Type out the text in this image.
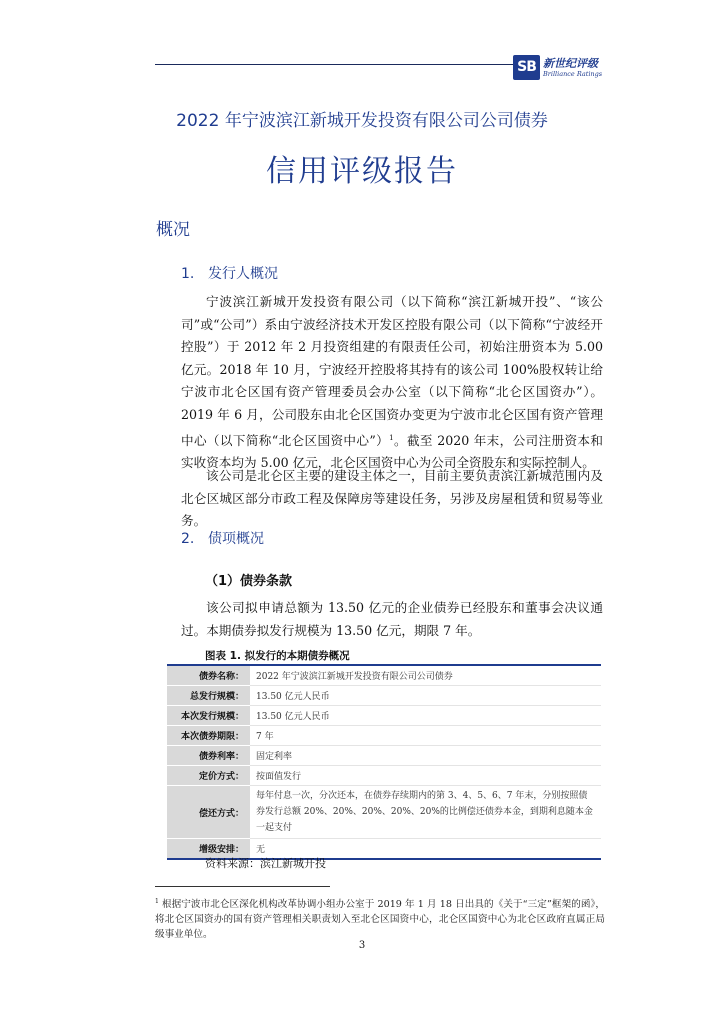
SB 新世纪评级
Brilliance Ratings
2022 年宁波滨江新城开发投资有限公司公司债券
信用评级报告
概况
1. 发行人概况

宁波滨江新城开发投资有限公司（以下简称“滨江新城开投”、“该公司”或“公司”）系由宁波经济技术开发区控股有限公司（以下简称“宁波经开控股”）于 2012 年 2 月投资组建的有限责任公司，初始注册资本为 5.00 亿元。2018 年 10 月，宁波经开控股将其持有的该公司 100%股权转让给宁波市北仑区国有资产管理委员会办公室（以下简称“北仑区国资办”）。2019 年 6 月，公司股东由北仑区国资办变更为宁波市北仑区国有资产管理中心（以下简称“北仑区国资中心”）$^1$。截至 2020 年末，公司注册资本和实收资本均为 5.00 亿元，北仑区国资中心为公司全资股东和实际控制人。

该公司是北仑区主要的建设主体之一，目前主要负责滨江新城范围内及北仑区城区部分市政工程及保障房等建设任务，另涉及房屋租赁和贸易等业务。

2. 债项概况
（1）债券条款

该公司拟申请总额为 13.50 亿元的企业债券已经股东和董事会决议通过。本期债券拟发行规模为 13.50 亿元，期限 7 年。

图表 1. 拟发行的本期债券概况
债券名称：	2022 年宁波滨江新城开发投资有限公司公司债券
总发行规模：	13.50 亿元人民币
本次发行规模：	13.50 亿元人民币
本次债券期限：	7 年
债券利率：	固定利率
定价方式：	按面值发行
偿还方式：	每年付息一次，分次还本，在债券存续期内的第 3、4、5、6、7 年末，分别按照债券发行总额 20%、20%、20%、20%、20%的比例偿还债券本金，到期利息随本金一起支付
增级安排：	无
资料来源：滨江新城开投

$^1$ 根据宁波市北仑区深化机构改革协调小组办公室于 2019 年 1 月 18 日出具的《关于“三定”框架的函》，将北仑区国资办的国有资产管理相关职责划入至北仑区国资中心，北仑区国资中心为北仑区政府直属正局级事业单位。

3
